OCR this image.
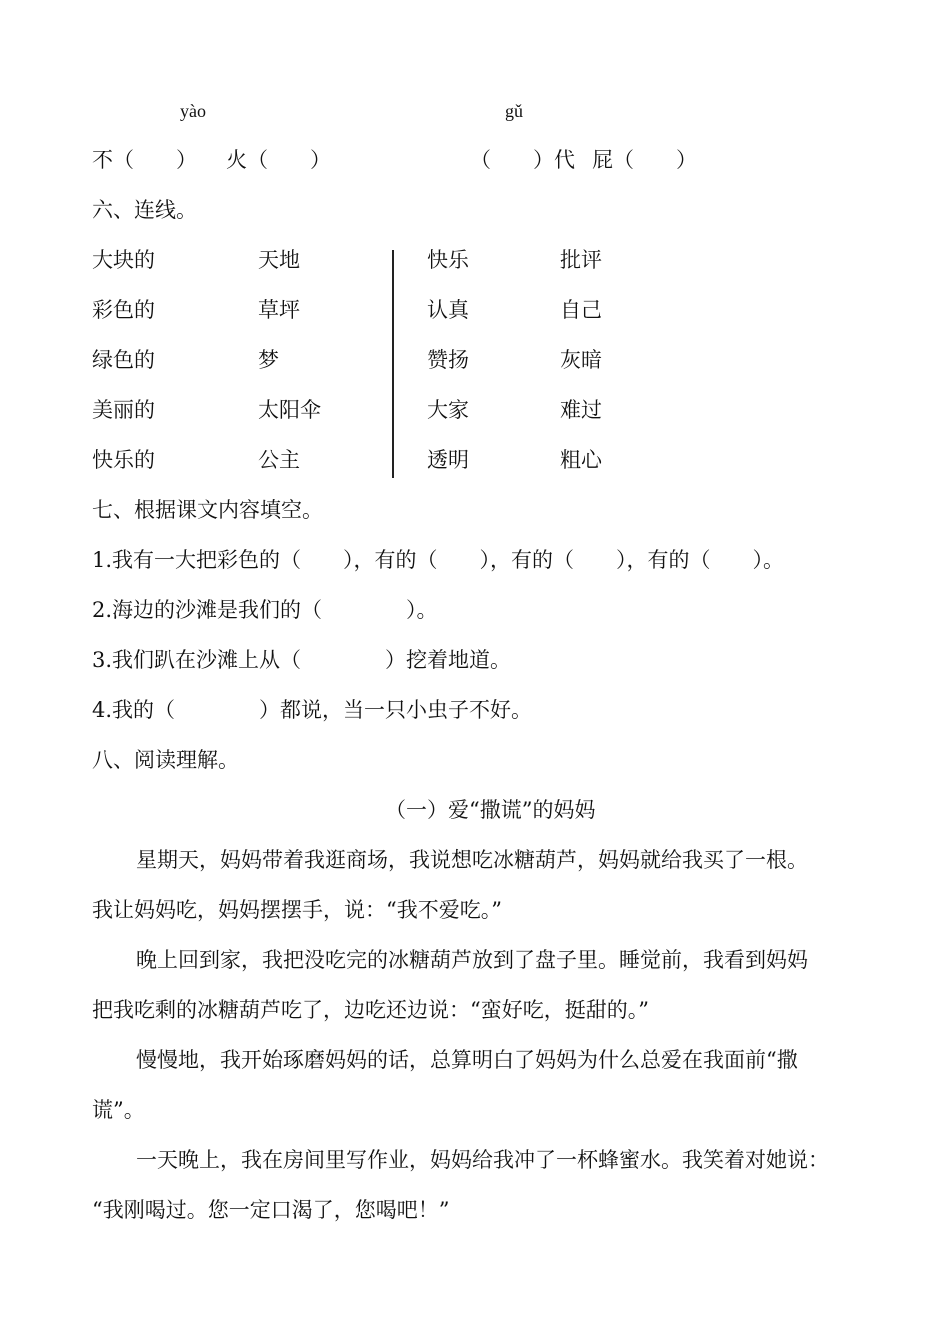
yào	gǔ
不（　　） 火（　　）	（　　）代 屁（　　）
六、连线。
大块的
彩色的
绿色的
美丽的
快乐的
天地
草坪
梦
太阳伞
公主
快乐
认真
赞扬
大家
透明
批评
自己
灰暗
难过
粗心
七、根据课文内容填空。
1.我有一大把彩色的（　　），有的（　　），有的（　　），有的（　　）。
2.海边的沙滩是我们的（　　　　）。
3.我们趴在沙滩上从（　　　　）挖着地道。
4.我的（　　　　）都说，当一只小虫子不好。
八、阅读理解。
（一）爱“撒谎”的妈妈
星期天，妈妈带着我逛商场，我说想吃冰糖葫芦，妈妈就给我买了一根。
我让妈妈吃，妈妈摆摆手，说：“我不爱吃。”
晚上回到家，我把没吃完的冰糖葫芦放到了盘子里。睡觉前，我看到妈妈
把我吃剩的冰糖葫芦吃了，边吃还边说：“蛮好吃，挺甜的。”
慢慢地，我开始琢磨妈妈的话，总算明白了妈妈为什么总爱在我面前“撒
谎”。
一天晚上，我在房间里写作业，妈妈给我冲了一杯蜂蜜水。我笑着对她说：
“我刚喝过。您一定口渴了，您喝吧！”
